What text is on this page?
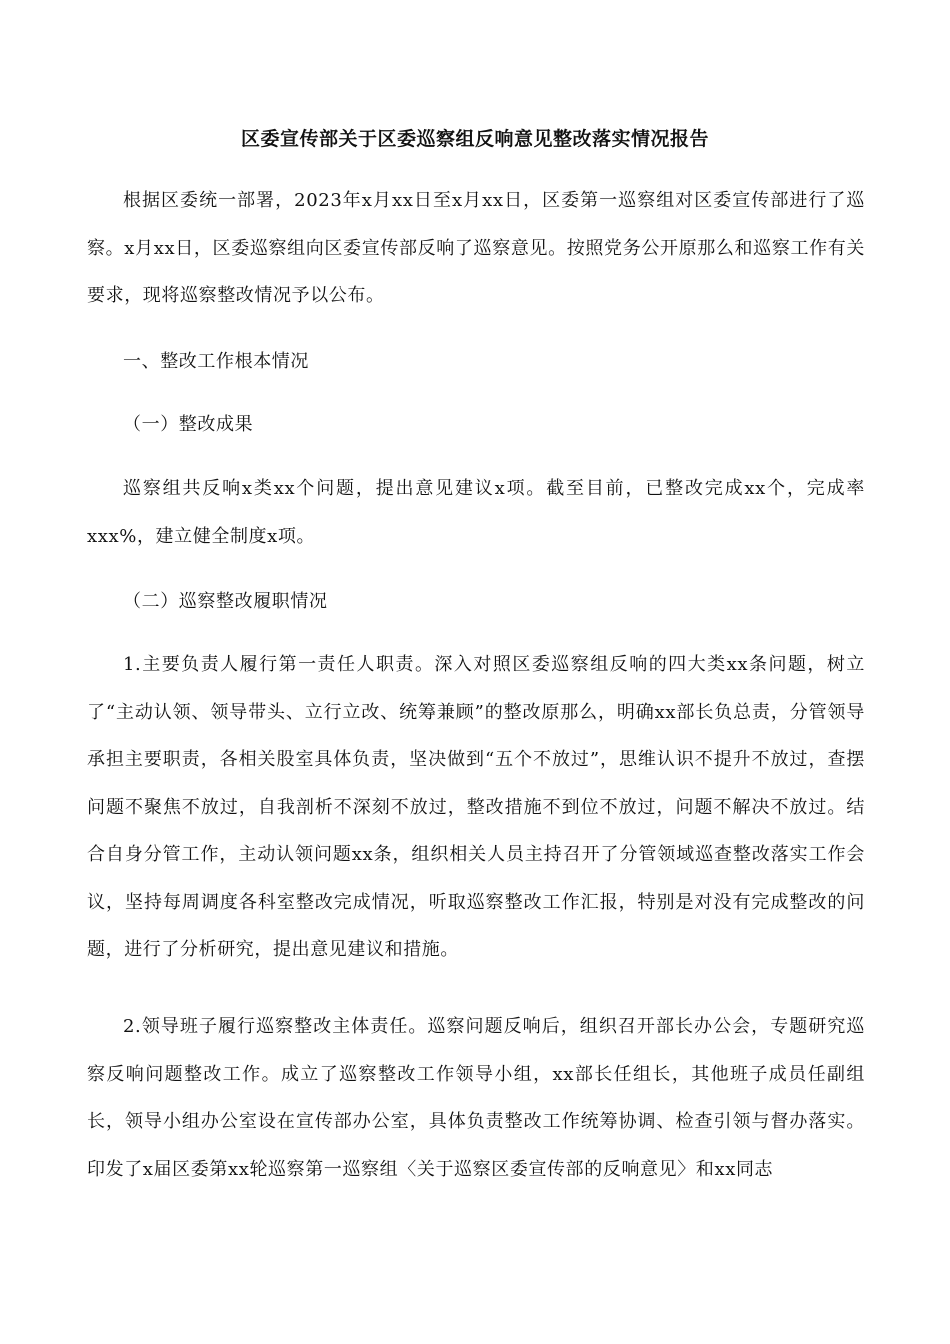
区委宣传部关于区委巡察组反响意见整改落实情况报告
根据区委统一部署，2023年x月xx日至x月xx日，区委第一巡察组对区委宣传部进行了巡察。x月xx日，区委巡察组向区委宣传部反响了巡察意见。按照党务公开原那么和巡察工作有关要求，现将巡察整改情况予以公布。
一、整改工作根本情况
（一）整改成果
巡察组共反响x类xx个问题，提出意见建议x项。截至目前，已整改完成xx个，完成率xxx%，建立健全制度x项。
（二）巡察整改履职情况
1.主要负责人履行第一责任人职责。深入对照区委巡察组反响的四大类xx条问题，树立了“主动认领、领导带头、立行立改、统筹兼顾”的整改原那么，明确xx部长负总责，分管领导承担主要职责，各相关股室具体负责，坚决做到“五个不放过”，思维认识不提升不放过，查摆问题不聚焦不放过，自我剖析不深刻不放过，整改措施不到位不放过，问题不解决不放过。结合自身分管工作，主动认领问题xx条，组织相关人员主持召开了分管领域巡查整改落实工作会议，坚持每周调度各科室整改完成情况，听取巡察整改工作汇报，特别是对没有完成整改的问题，进行了分析研究，提出意见建议和措施。
2.领导班子履行巡察整改主体责任。巡察问题反响后，组织召开部长办公会，专题研究巡察反响问题整改工作。成立了巡察整改工作领导小组，xx部长任组长，其他班子成员任副组长，领导小组办公室设在宣传部办公室，具体负责整改工作统筹协调、检查引领与督办落实。印发了x届区委第xx轮巡察第一巡察组〈关于巡察区委宣传部的反响意见〉和xx同志
